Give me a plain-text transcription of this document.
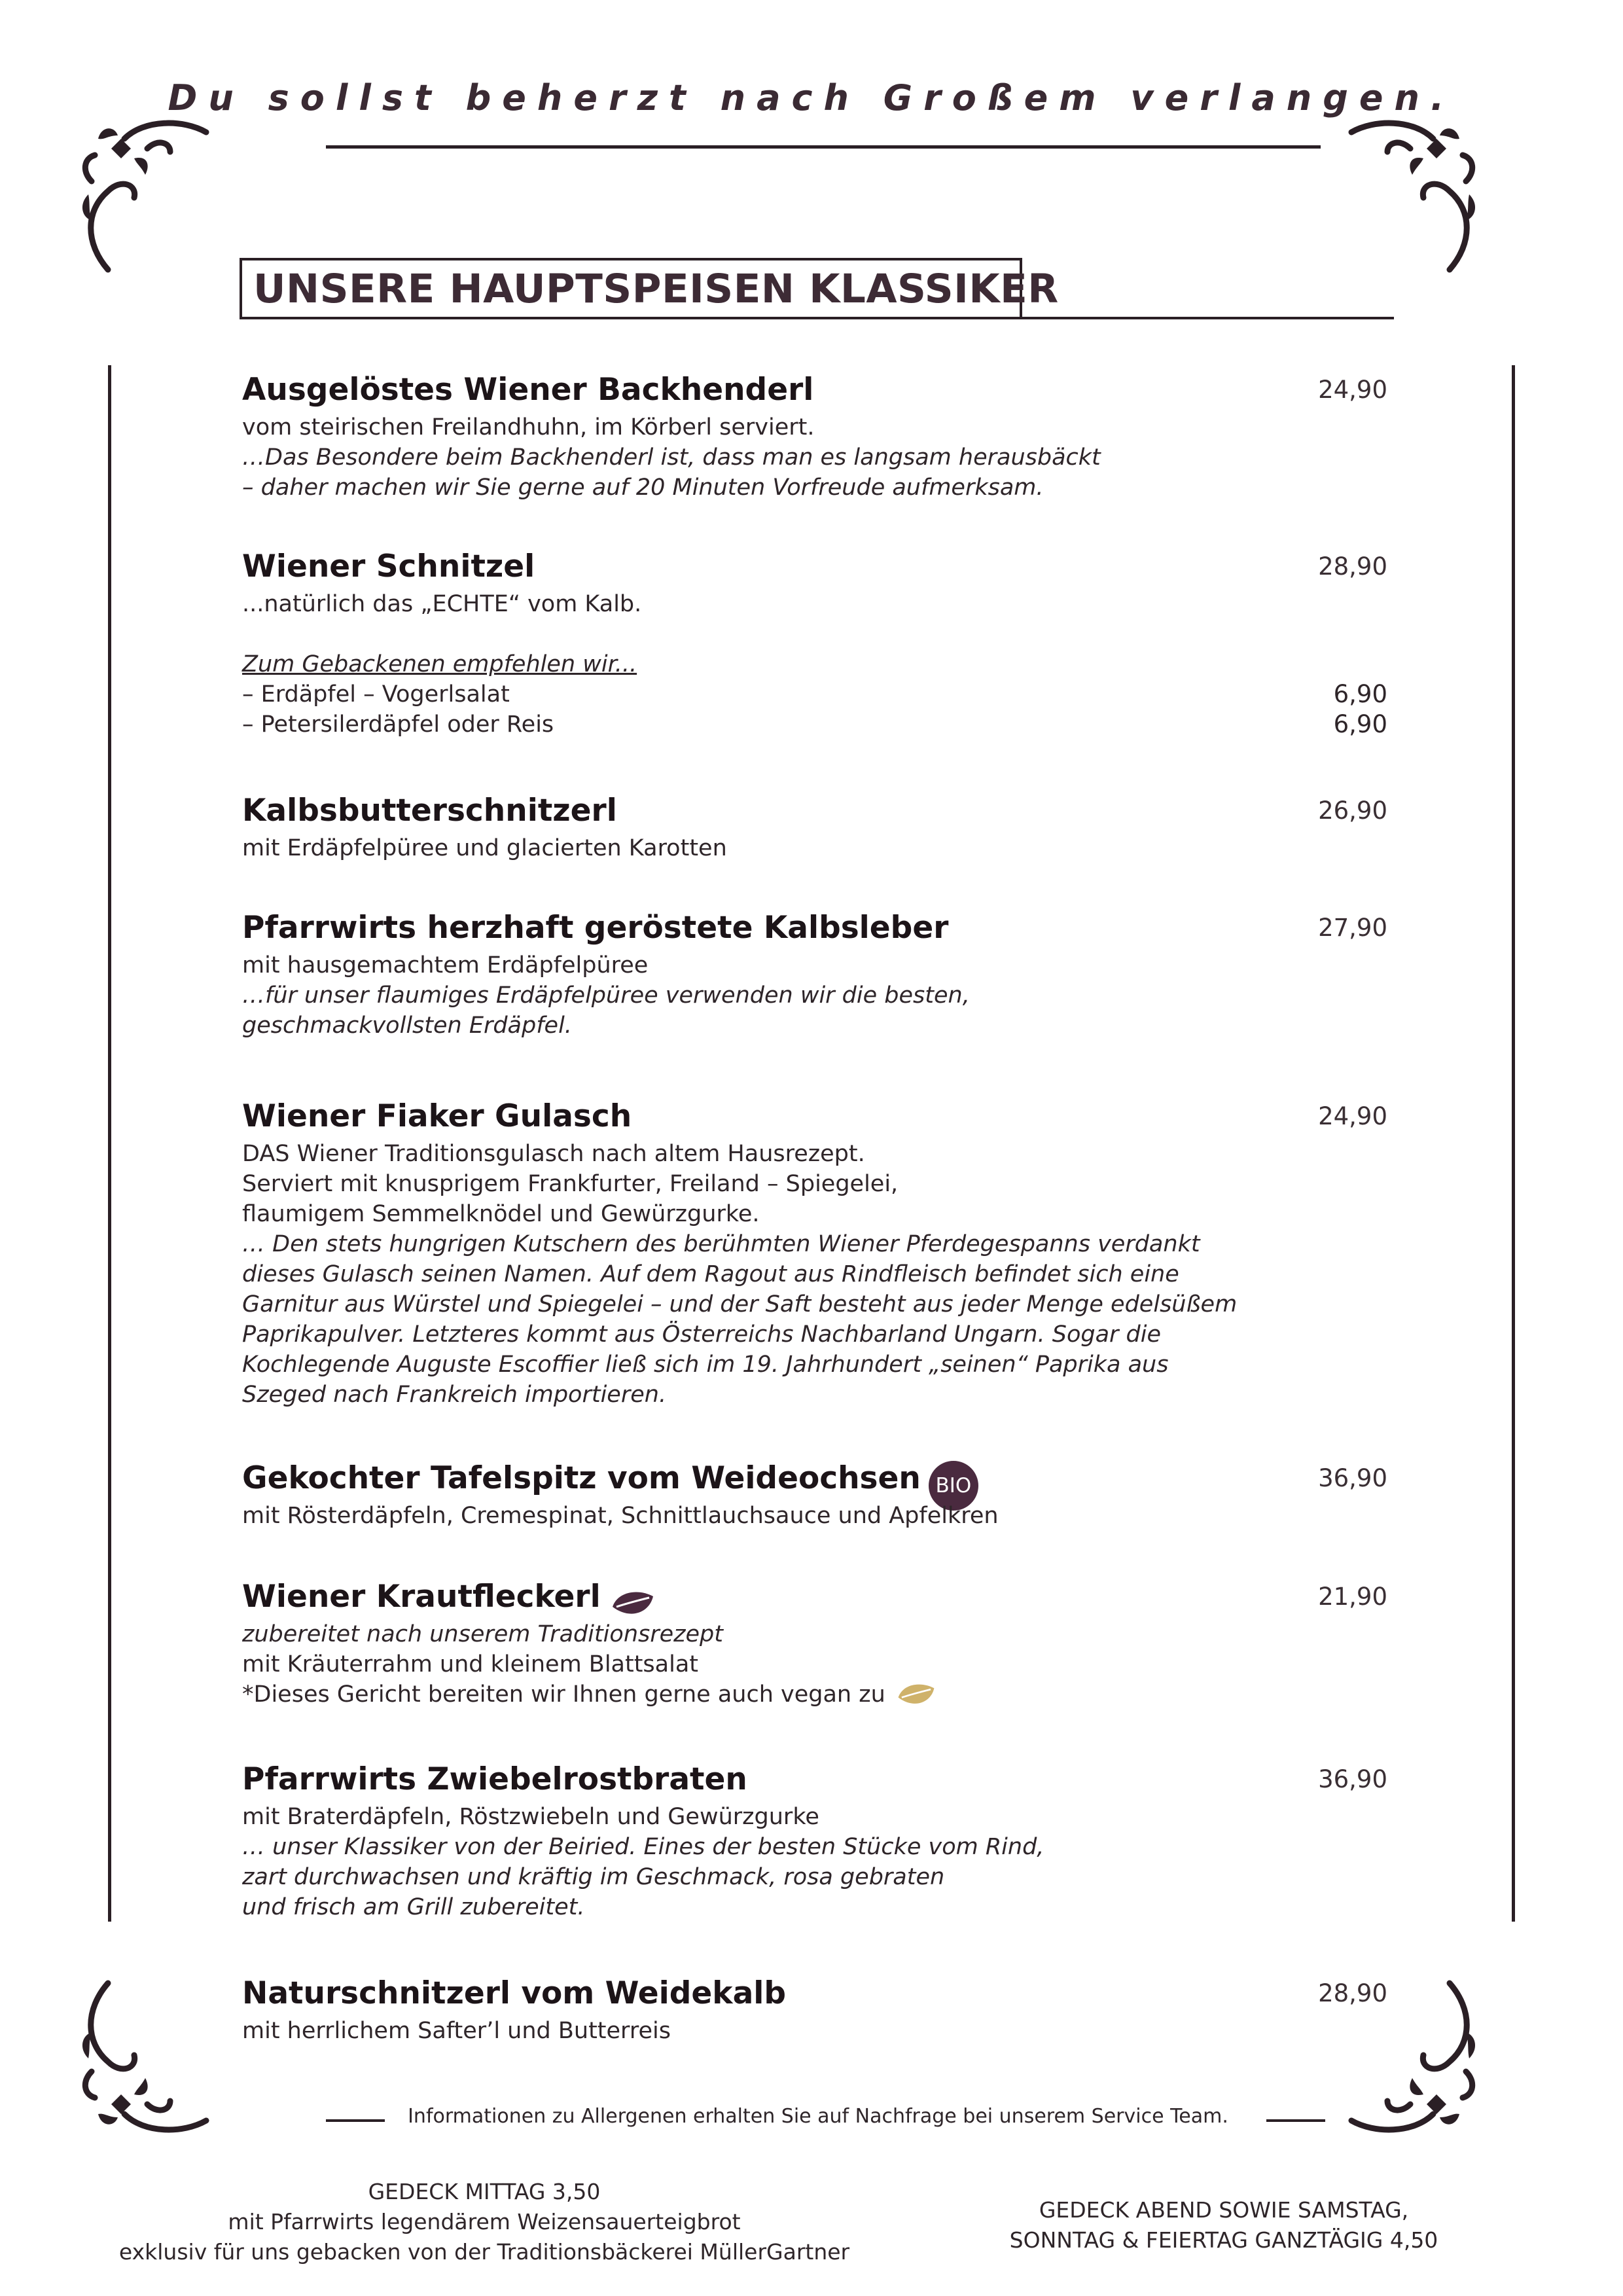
Du sollst beherzt nach Großem verlangen.
UNSERE HAUPTSPEISEN KLASSIKER
Ausgelöstes Wiener Backhenderl	24,90
vom steirischen Freilandhuhn, im Körberl serviert.
…Das Besondere beim Backhenderl ist, dass man es langsam herausbäckt
– daher machen wir Sie gerne auf 20 Minuten Vorfreude aufmerksam.
Wiener Schnitzel	28,90
...natürlich das „ECHTE“ vom Kalb.
Zum Gebackenen empfehlen wir...
– Erdäpfel – Vogerlsalat	6,90
– Petersilerdäpfel oder Reis	6,90
Kalbsbutterschnitzerl	26,90
mit Erdäpfelpüree und glacierten Karotten
Pfarrwirts herzhaft geröstete Kalbsleber	27,90
mit hausgemachtem Erdäpfelpüree
…für unser flaumiges Erdäpfelpüree verwenden wir die besten,
geschmackvollsten Erdäpfel.
Wiener Fiaker Gulasch	24,90
DAS Wiener Traditionsgulasch nach altem Hausrezept.
Serviert mit knusprigem Frankfurter, Freiland – Spiegelei,
flaumigem Semmelknödel und Gewürzgurke.
… Den stets hungrigen Kutschern des berühmten Wiener Pferdegespanns verdankt
dieses Gulasch seinen Namen. Auf dem Ragout aus Rindfleisch befindet sich eine
Garnitur aus Würstel und Spiegelei – und der Saft besteht aus jeder Menge edelsüßem
Paprikapulver. Letzteres kommt aus Österreichs Nachbarland Ungarn. Sogar die
Kochlegende Auguste Escoffier ließ sich im 19. Jahrhundert „seinen“ Paprika aus
Szeged nach Frankreich importieren.
Gekochter Tafelspitz vom Weideochsen BIO	36,90
mit Rösterdäpfeln, Cremespinat, Schnittlauchsauce und Apfelkren
Wiener Krautfleckerl	21,90
zubereitet nach unserem Traditionsrezept
mit Kräuterrahm und kleinem Blattsalat
*Dieses Gericht bereiten wir Ihnen gerne auch vegan zu
Pfarrwirts Zwiebelrostbraten	36,90
mit Braterdäpfeln, Röstzwiebeln und Gewürzgurke
… unser Klassiker von der Beiried. Eines der besten Stücke vom Rind,
zart durchwachsen und kräftig im Geschmack, rosa gebraten
und frisch am Grill zubereitet.
Naturschnitzerl vom Weidekalb	28,90
mit herrlichem Safter’l und Butterreis
Informationen zu Allergenen erhalten Sie auf Nachfrage bei unserem Service Team.
GEDECK MITTAG 3,50
mit Pfarrwirts legendärem Weizensauerteigbrot
exklusiv für uns gebacken von der Traditionsbäckerei MüllerGartner
GEDECK ABEND SOWIE SAMSTAG,
SONNTAG & FEIERTAG GANZTÄGIG 4,50
